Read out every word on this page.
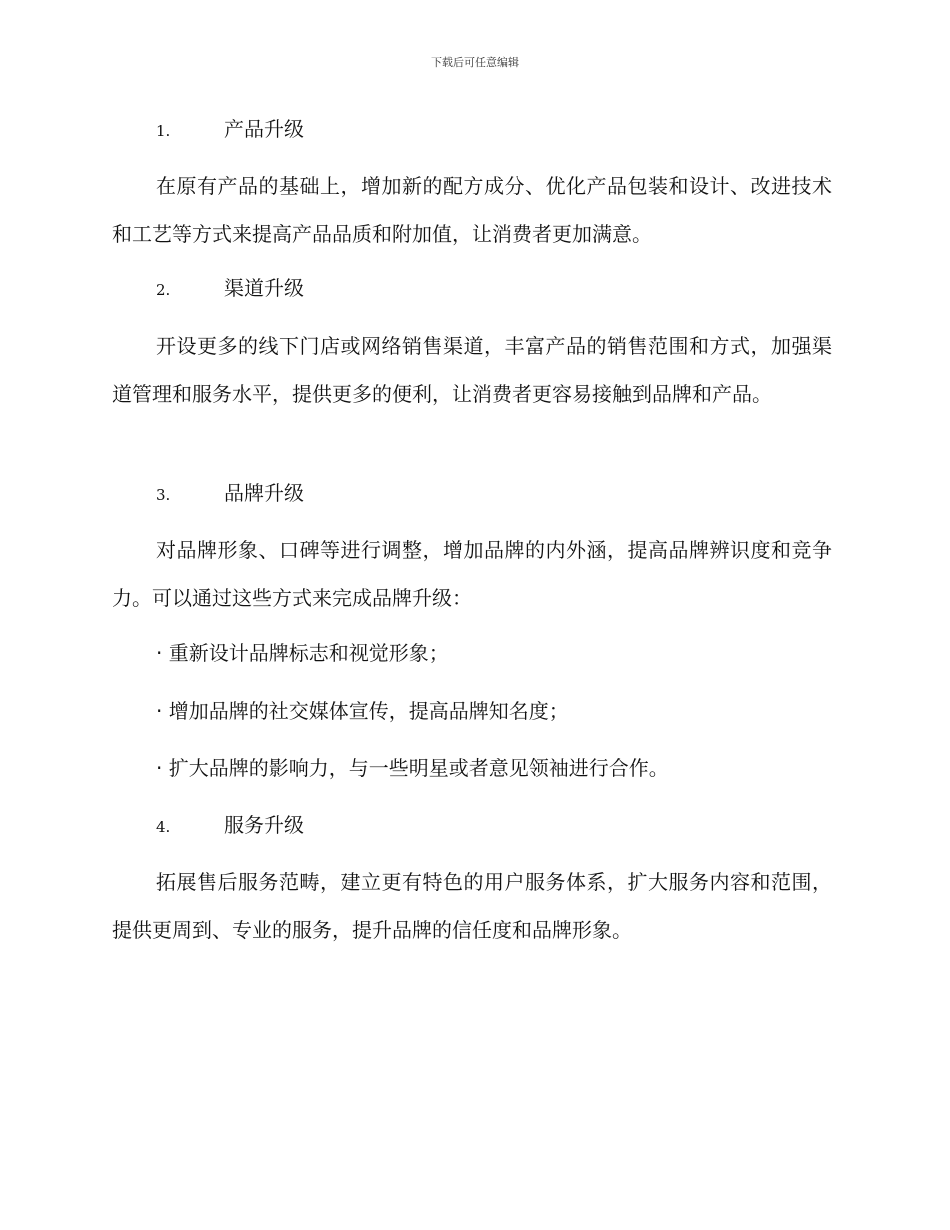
下载后可任意编辑
1.	产品升级

在原有产品的基础上，增加新的配方成分、优化产品包装和设计、改进技术和工艺等方式来提高产品品质和附加值，让消费者更加满意。

2.	渠道升级

开设更多的线下门店或网络销售渠道，丰富产品的销售范围和方式，加强渠道管理和服务水平，提供更多的便利，让消费者更容易接触到品牌和产品。

3.	品牌升级

对品牌形象、口碑等进行调整，增加品牌的内外涵，提高品牌辨识度和竞争力。可以通过这些方式来完成品牌升级：

· 重新设计品牌标志和视觉形象；
· 增加品牌的社交媒体宣传，提高品牌知名度；
· 扩大品牌的影响力，与一些明星或者意见领袖进行合作。
4.	服务升级

拓展售后服务范畴，建立更有特色的用户服务体系，扩大服务内容和范围，提供更周到、专业的服务，提升品牌的信任度和品牌形象。
